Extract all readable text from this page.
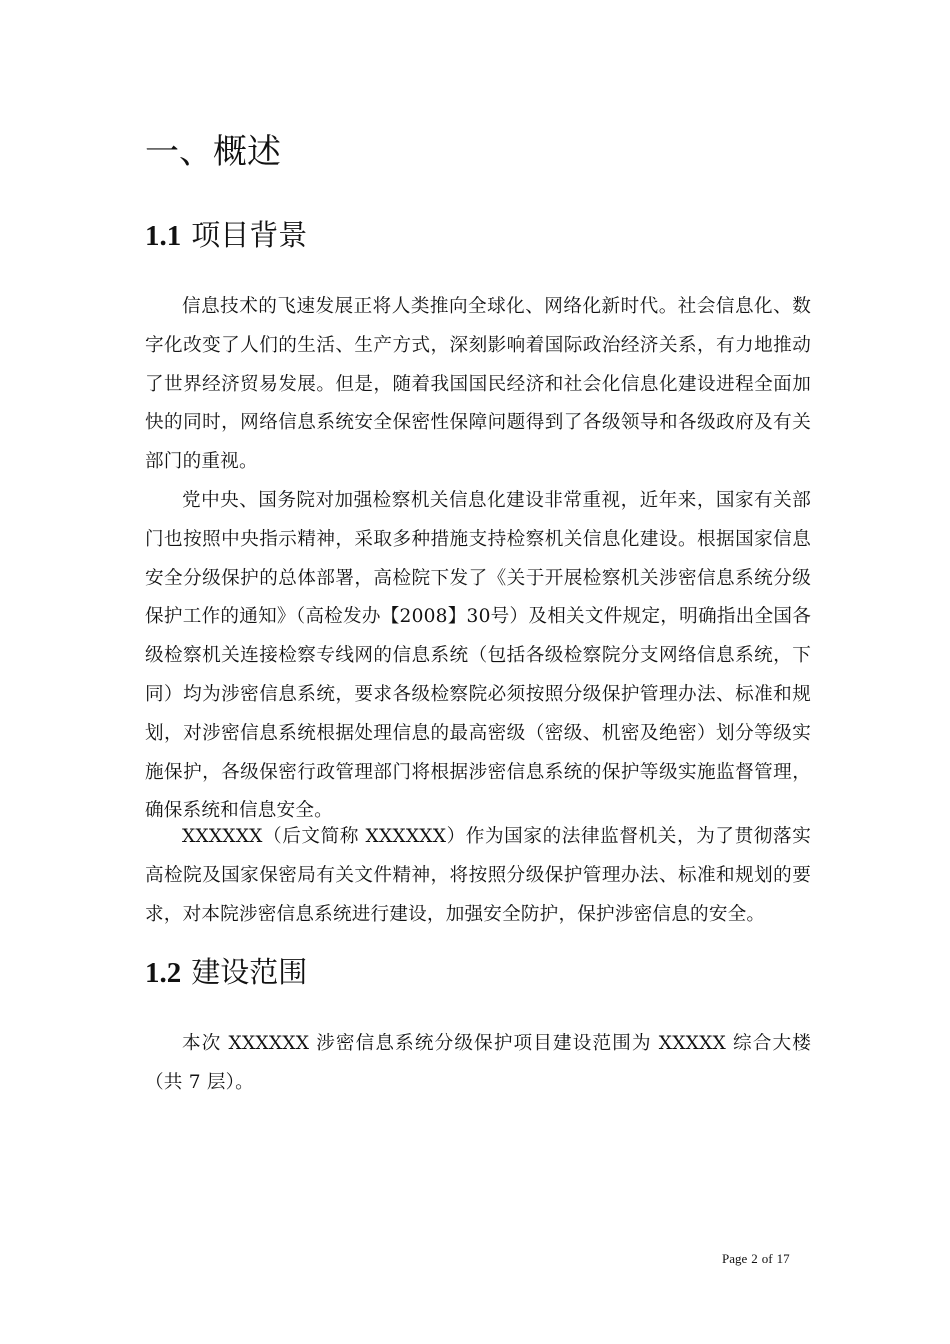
一、概述
1.1 项目背景

信息技术的飞速发展正将人类推向全球化、网络化新时代。社会信息化、数字化改变了人们的生活、生产方式，深刻影响着国际政治经济关系，有力地推动了世界经济贸易发展。但是，随着我国国民经济和社会化信息化建设进程全面加快的同时，网络信息系统安全保密性保障问题得到了各级领导和各级政府及有关部门的重视。

党中央、国务院对加强检察机关信息化建设非常重视，近年来，国家有关部门也按照中央指示精神，采取多种措施支持检察机关信息化建设。根据国家信息安全分级保护的总体部署，高检院下发了《关于开展检察机关涉密信息系统分级保护工作的通知》（高检发办【2008】30号）及相关文件规定，明确指出全国各级检察机关连接检察专线网的信息系统（包括各级检察院分支网络信息系统，下同）均为涉密信息系统，要求各级检察院必须按照分级保护管理办法、标准和规划，对涉密信息系统根据处理信息的最高密级（密级、机密及绝密）划分等级实施保护，各级保密行政管理部门将根据涉密信息系统的保护等级实施监督管理，确保系统和信息安全。

XXXXXX（后文简称 XXXXXX）作为国家的法律监督机关，为了贯彻落实高检院及国家保密局有关文件精神，将按照分级保护管理办法、标准和规划的要求，对本院涉密信息系统进行建设，加强安全防护，保护涉密信息的安全。

1.2 建设范围

本次 XXXXXX 涉密信息系统分级保护项目建设范围为 XXXXX 综合大楼（共 7 层）。

Page 2 of 17
